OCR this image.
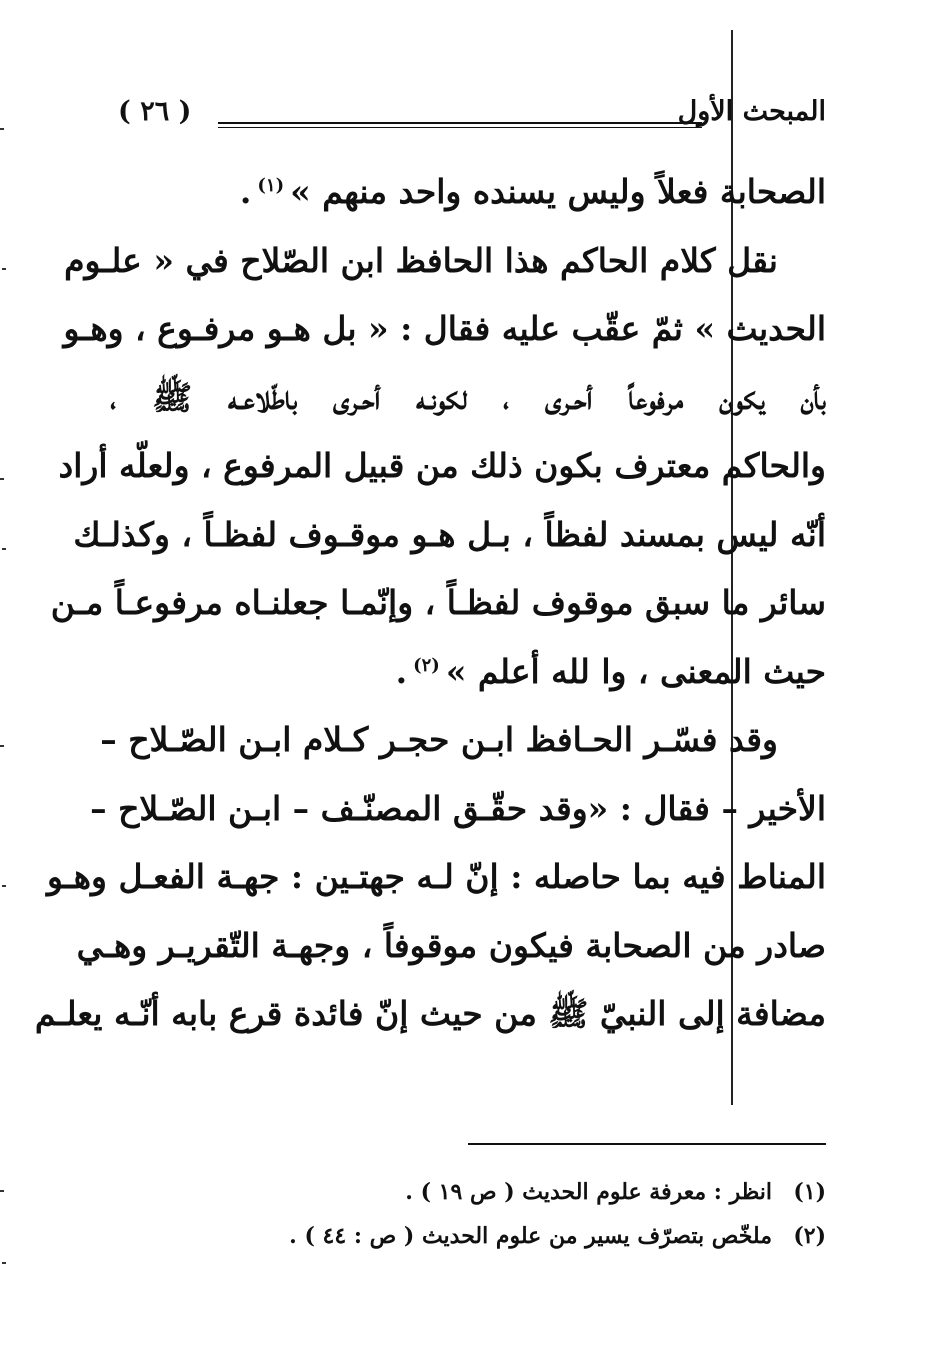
المبحث الأول
( ٢٦ )
الصحابة فعلاً وليس يسنده واحد منهم »$^{(١)}$.
نقل كلام الحاكم هذا الحافظ ابن الصّلاح في « علـوم
الحديث » ثمّ عقّب عليه فقال : « بل هـو مرفـوع ، وهـو
بأن يكون مرفوعاً أحـرى ، لكونـه أحـرى باطّلاعـه ﷺ ،
والحاكم معترف بكون ذلك من قبيل المرفوع ، ولعلّه أراد
أنّه ليس بمسند لفظاً ، بـل هـو موقـوف لفظـاً ، وكذلـك
سائر ما سبق موقوف لفظـاً ، وإنّمـا جعلنـاه مرفوعـاً مـن
حيث المعنى ، وا لله أعلم »$^{(٢)}$.
وقد فسّـر الحـافظ ابـن حجـر كـلام ابـن الصّـلاح –
الأخير – فقال : «وقد حقّـق المصنّـف – ابـن الصّـلاح –
المناط فيه بما حاصله : إنّ لـه جهتـين : جهـة الفعـل وهـو
صادر من الصحابة فيكون موقوفاً ، وجهـة التّقريـر وهـي
مضافة إلى النبيّ ﷺ من حيث إنّ فائدة قرع بابه أنّـه يعلـم
(١)
انظر : معرفة علوم الحديث ( ص ١٩ ) .
(٢)
ملخّص بتصرّف يسير من علوم الحديث ( ص : ٤٤ ) .
